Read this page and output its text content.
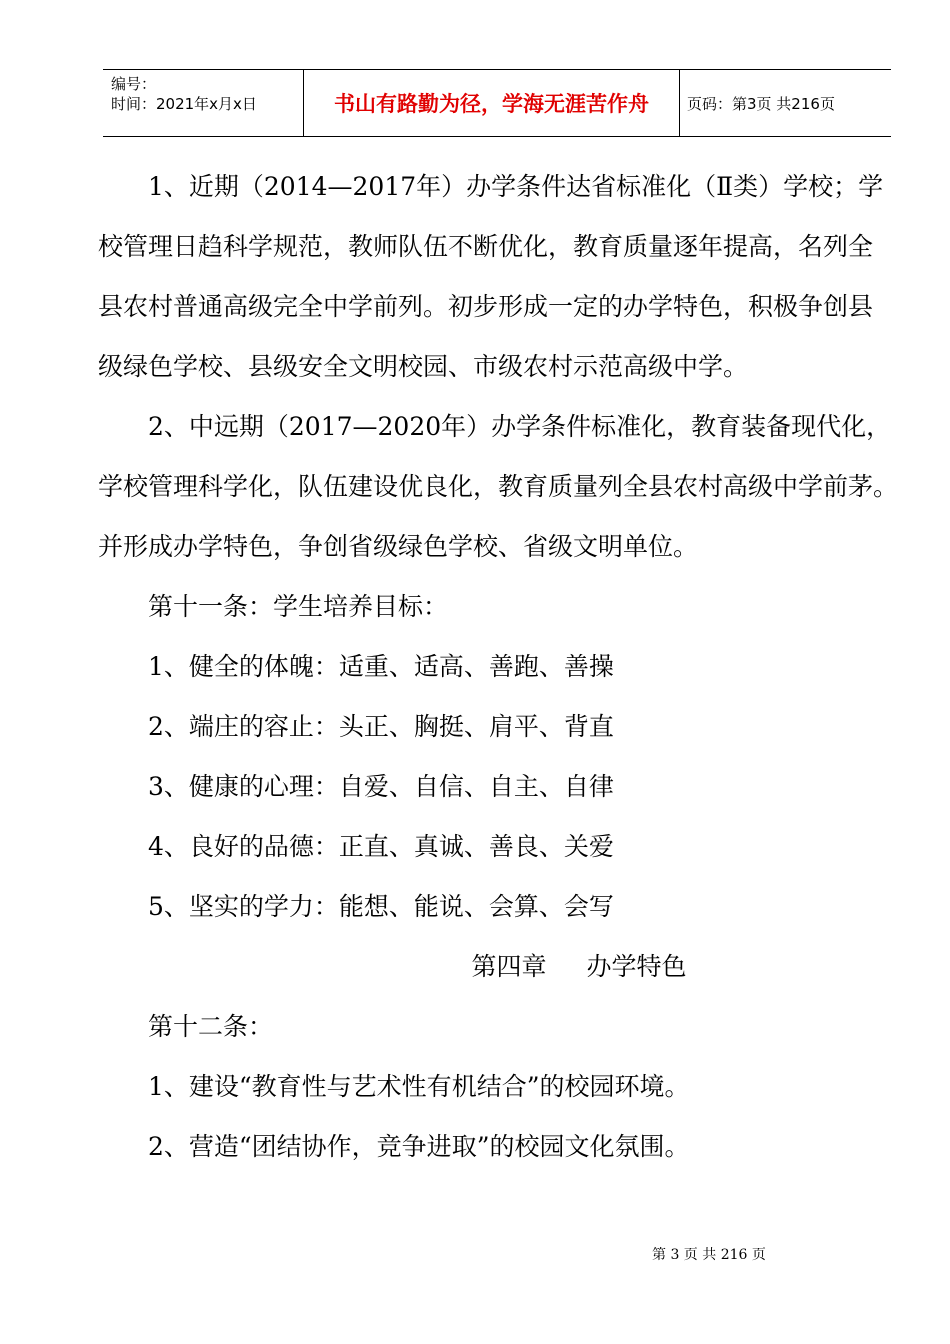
编号：
时间：2021年x月x日	书山有路勤为径，学海无涯苦作舟	页码：第3页 共216页
1、近期（2014—2017年）办学条件达省标准化（Ⅱ类）学校；学
校管理日趋科学规范，教师队伍不断优化，教育质量逐年提高，名列全
县农村普通高级完全中学前列。初步形成一定的办学特色，积极争创县
级绿色学校、县级安全文明校园、市级农村示范高级中学。
2、中远期（2017—2020年）办学条件标准化，教育装备现代化，
学校管理科学化，队伍建设优良化，教育质量列全县农村高级中学前茅。
并形成办学特色，争创省级绿色学校、省级文明单位。
第十一条：学生培养目标：
1、健全的体魄：适重、适高、善跑、善操
2、端庄的容止：头正、胸挺、肩平、背直
3、健康的心理：自爱、自信、自主、自律
4、良好的品德：正直、真诚、善良、关爱
5、坚实的学力：能想、能说、会算、会写
第四章 办学特色
第十二条：
1、建设“教育性与艺术性有机结合”的校园环境。
2、营造“团结协作，竞争进取”的校园文化氛围。
第 3 页 共 216 页
